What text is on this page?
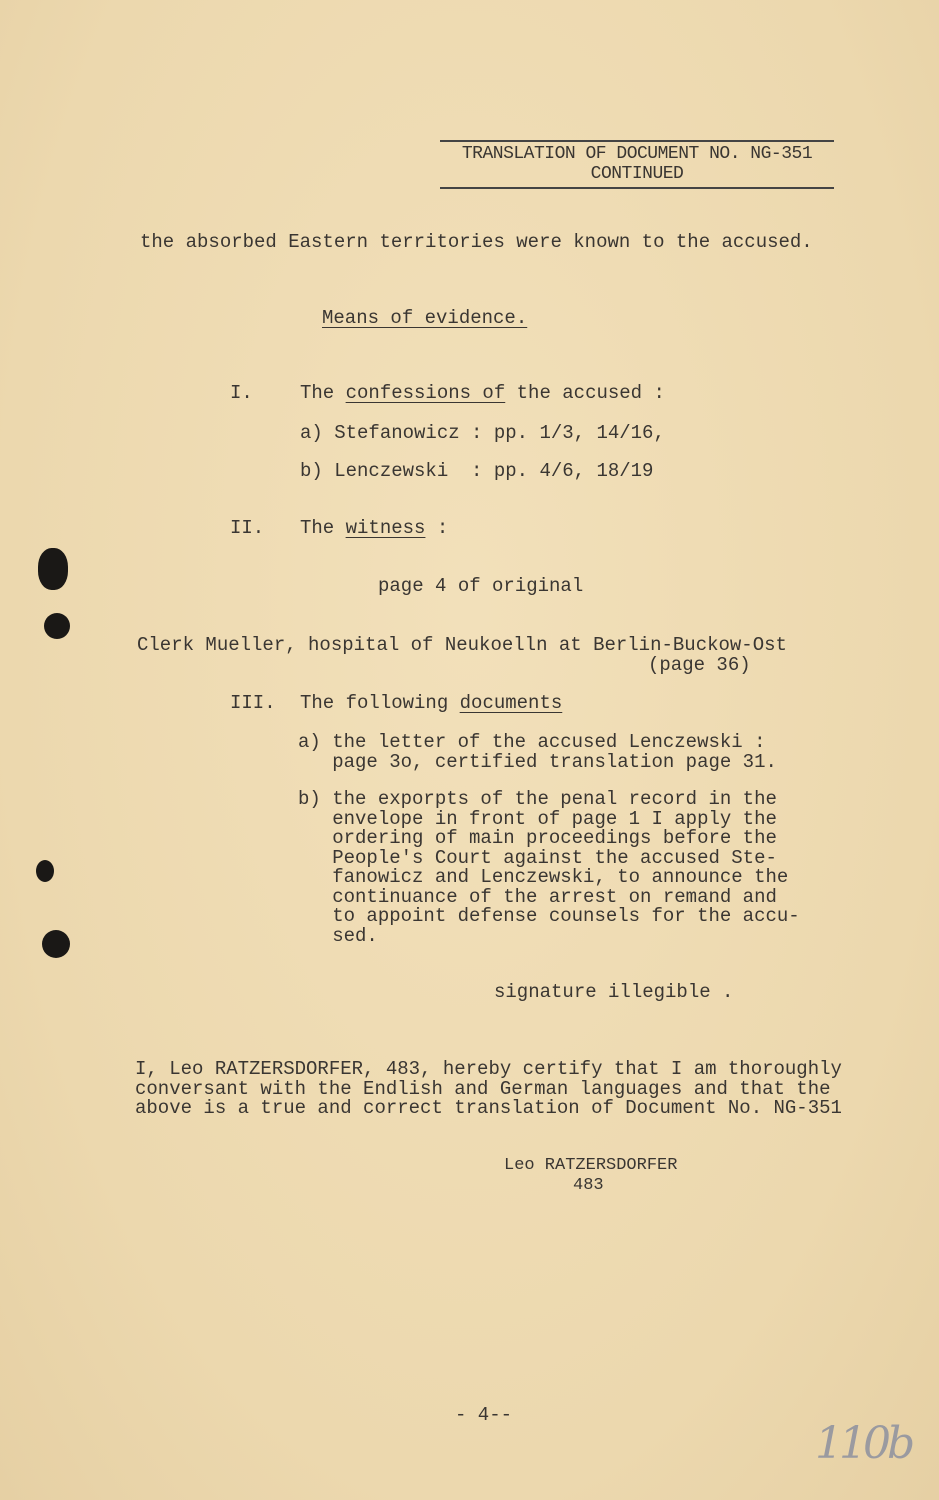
TRANSLATION OF DOCUMENT NO. NG-351
CONTINUED
the absorbed Eastern territories were known to the accused.
Means of evidence.
I. The confessions of the accused :
a) Stefanowicz : pp. 1/3, 14/16,
b) Lenczewski  : pp. 4/6, 18/19
II. The witness :
page 4 of original
Clerk Mueller, hospital of Neukoelln at Berlin-Buckow-Ost
(page 36)
III. The following documents
a) the letter of the accused Lenczewski :
page 3o, certified translation page 31.
b) the exporpts of the penal record in the
envelope in front of page 1 I apply the
ordering of main proceedings before the
People's Court against the accused Ste-
fanowicz and Lenczewski, to announce the
continuance of the arrest on remand and
to appoint defense counsels for the accu-
sed.
signature illegible .
I, Leo RATZERSDORFER, 483, hereby certify that I am thoroughly
conversant with the Endlish and German languages and that the
above is a true and correct translation of Document No. NG-351
Leo RATZERSDORFER
483
- 4--
110b
